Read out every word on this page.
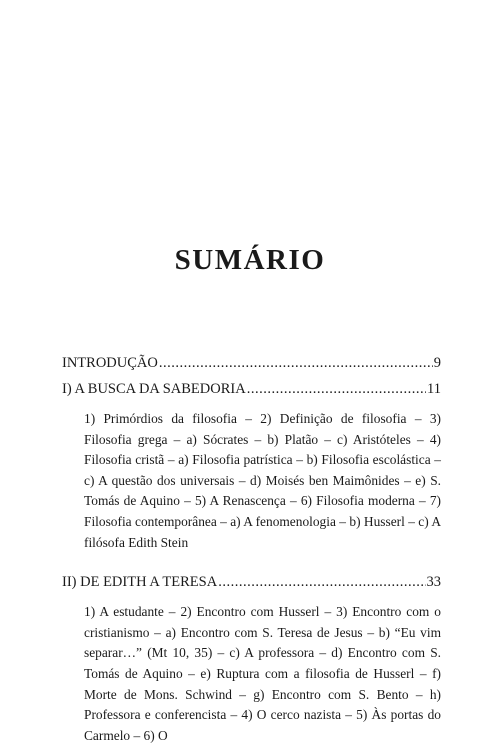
SUMÁRIO
INTRODUÇÃO .....	9
I) A BUSCA DA SABEDORIA .....	11

1) Primórdios da filosofia – 2) Definição de filosofia – 3) Filosofia grega – a) Sócrates – b) Platão – c) Aristóteles – 4) Filosofia cristã – a) Filosofia patrística – b) Filosofia escolástica – c) A questão dos universais – d) Moisés ben Maimônides – e) S. Tomás de Aquino – 5) A Renascença – 6) Filosofia moderna – 7) Filosofia contemporânea – a) A fenomenologia – b) Husserl – c) A filósofa Edith Stein

II) DE EDITH A TERESA .....	33

1) A estudante – 2) Encontro com Husserl – 3) Encontro com o cristianismo – a) Encontro com S. Teresa de Jesus – b) “Eu vim separar…” (Mt 10, 35) – c) A professora – d) Encontro com S. Tomás de Aquino – e) Ruptura com a filosofia de Husserl – f) Morte de Mons. Schwind – g) Encontro com S. Bento – h) Professora e conferencista – 4) O cerco nazista – 5) Às portas do Carmelo – 6) O
